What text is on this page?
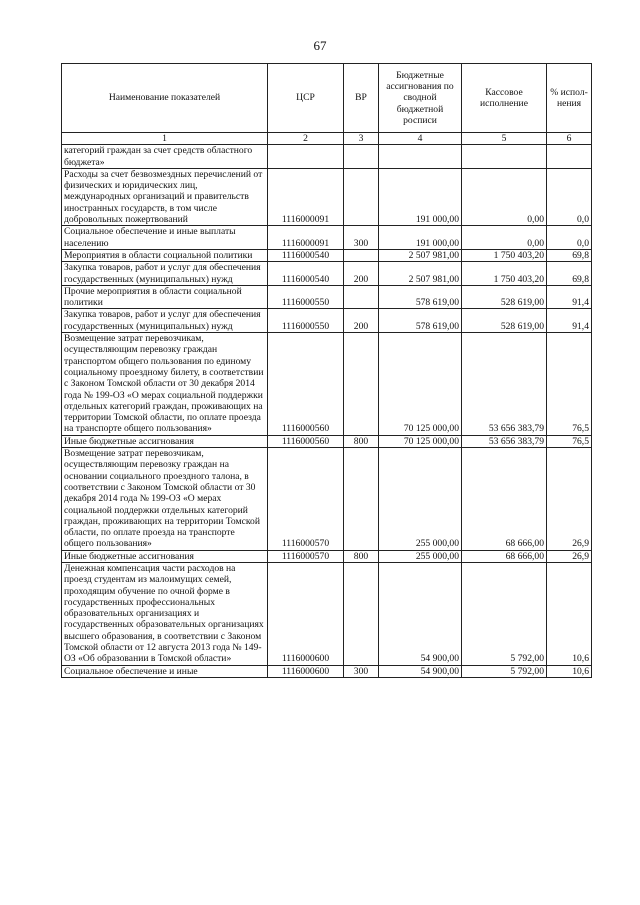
67
Наименование показателей	ЦСР	ВР	Бюджетные ассигнования по сводной бюджетной росписи	Кассовое исполнение	% испол-нения
1	2	3	4	5	6
категорий граждан за счет средств областного бюджета»					
Расходы за счет безвозмездных перечислений от физических и юридических лиц, международных организаций и правительств иностранных государств, в том числе добровольных пожертвований	1116000091		191 000,00	0,00	0,0
Социальное обеспечение и иные выплаты населению	1116000091	300	191 000,00	0,00	0,0
Мероприятия в области социальной политики	1116000540		2 507 981,00	1 750 403,20	69,8
Закупка товаров, работ и услуг для обеспечения государственных (муниципальных) нужд	1116000540	200	2 507 981,00	1 750 403,20	69,8
Прочие мероприятия в области социальной политики	1116000550		578 619,00	528 619,00	91,4
Закупка товаров, работ и услуг для обеспечения государственных (муниципальных) нужд	1116000550	200	578 619,00	528 619,00	91,4
Возмещение затрат перевозчикам, осуществляющим перевозку граждан транспортом общего пользования по единому социальному проездному билету, в соответствии с Законом Томской области от 30 декабря 2014 года № 199-ОЗ «О мерах социальной поддержки отдельных категорий граждан, проживающих на территории Томской области, по оплате проезда на транспорте общего пользования»	1116000560		70 125 000,00	53 656 383,79	76,5
Иные бюджетные ассигнования	1116000560	800	70 125 000,00	53 656 383,79	76,5
Возмещение затрат перевозчикам, осуществляющим перевозку граждан на основании социального проездного талона, в соответствии с Законом Томской области от 30 декабря 2014 года № 199-ОЗ «О мерах социальной поддержки отдельных категорий граждан, проживающих на территории Томской области, по оплате проезда на транспорте общего пользования»	1116000570		255 000,00	68 666,00	26,9
Иные бюджетные ассигнования	1116000570	800	255 000,00	68 666,00	26,9
Денежная компенсация части расходов на проезд студентам из малоимущих семей, проходящим обучение по очной форме в государственных профессиональных образовательных организациях и государственных образовательных организациях высшего образования, в соответствии с Законом Томской области от 12 августа 2013 года № 149-ОЗ «Об образовании в Томской области»	1116000600		54 900,00	5 792,00	10,6
Социальное обеспечение и иные	1116000600	300	54 900,00	5 792,00	10,6
